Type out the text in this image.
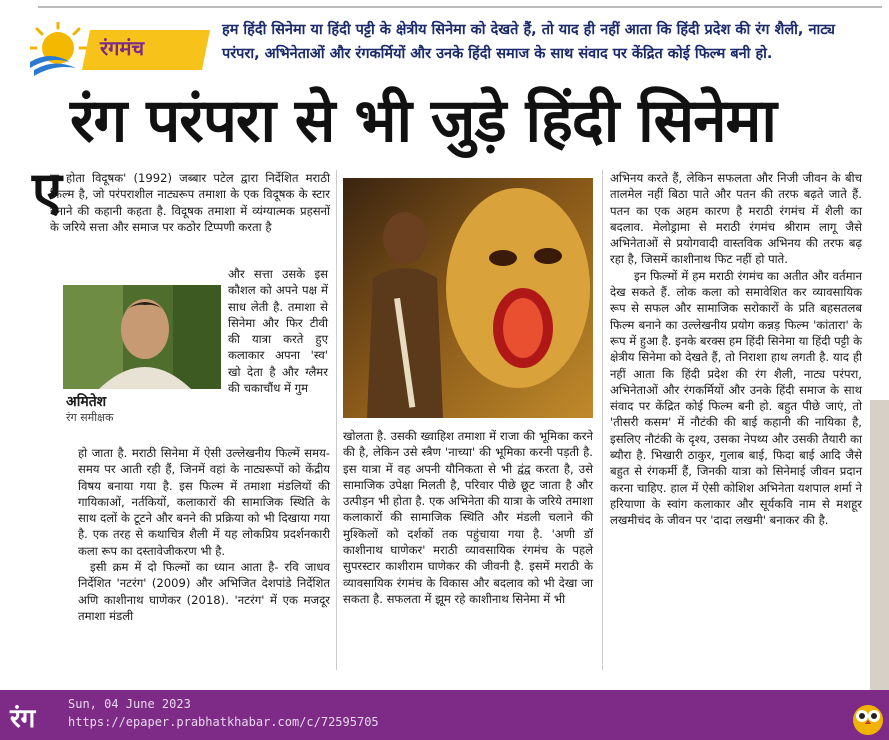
रंगमंच
हम हिंदी सिनेमा या हिंदी पट्टी के क्षेत्रीय सिनेमा को देखते हैं, तो याद ही नहीं आता कि हिंदी प्रदेश की रंग शैली, नाट्य परंपरा, अभिनेताओं और रंगकर्मियों और उनके हिंदी समाज के साथ संवाद पर केंद्रित कोई फिल्म बनी हो.
रंग परंपरा से भी जुड़े हिंदी सिनेमा
ए

क होता विदूषक' (1992) जब्बार पटेल द्वारा निर्देशित मराठी फिल्म है, जो परंपराशील नाट्यरूप तमाशा के एक विदूषक के स्टार बनाने की कहानी कहता है. विदूषक तमाशा में व्यंग्यात्मक प्रहसनों के जरिये सत्ता और समाज पर कठोर टिप्पणी करता है

और सत्ता उसके इस कौशल को अपने पक्ष में साध लेती है. तमाशा से सिनेमा और फिर टीवी की यात्रा करते हुए कलाकार अपना 'स्व' खो देता है और ग्लैमर की चकाचौंध में गुम

अमितेश
रंग समीक्षक

हो जाता है. मराठी सिनेमा में ऐसी उल्लेखनीय फिल्में समय-समय पर आती रही हैं, जिनमें वहां के नाट्यरूपों को केंद्रीय विषय बनाया गया है. इस फिल्म में तमाशा मंडलियों की गायिकाओं, नर्तकियों, कलाकारों की सामाजिक स्थिति के साथ दलों के टूटने और बनने की प्रक्रिया को भी दिखाया गया है. एक तरह से कथाचित्र शैली में यह लोकप्रिय प्रदर्शनकारी कला रूप का दस्तावेजीकरण भी है.

इसी क्रम में दो फिल्मों का ध्यान आता है- रवि जाधव निर्देशित 'नटरंग' (2009) और अभिजित देशपांडे निर्देशित अणि काशीनाथ घाणेकर (2018). 'नटरंग' में एक मजदूर तमाशा मंडली

खोलता है. उसकी ख्वाहिश तमाशा में राजा की भूमिका करने की है, लेकिन उसे स्त्रैण 'नाच्या' की भूमिका करनी पड़ती है. इस यात्रा में वह अपनी यौनिकता से भी द्वंद्व करता है, उसे सामाजिक उपेक्षा मिलती है, परिवार पीछे छूट जाता है और उत्पीड़न भी होता है. एक अभिनेता की यात्रा के जरिये तमाशा कलाकारों की सामाजिक स्थिति और मंडली चलाने की मुश्किलों को दर्शकों तक पहुंचाया गया है. 'अणी डॉ काशीनाथ घाणेकर' मराठी व्यावसायिक रंगमंच के पहले सुपरस्टार काशीराम घाणेकर की जीवनी है. इसमें मराठी के व्यावसायिक रंगमंच के विकास और बदलाव को भी देखा जा सकता है. सफलता में झूम रहे काशीनाथ सिनेमा में भी

अभिनय करते हैं, लेकिन सफलता और निजी जीवन के बीच तालमेल नहीं बिठा पाते और पतन की तरफ बढ़ते जाते हैं. पतन का एक अहम कारण है मराठी रंगमंच में शैली का बदलाव. मेलोड्रामा से मराठी रंगमंच श्रीराम लागू जैसे अभिनेताओं से प्रयोगवादी वास्तविक अभिनय की तरफ बढ़ रहा है, जिसमें काशीनाथ फिट नहीं हो पाते.

इन फिल्मों में हम मराठी रंगमंच का अतीत और वर्तमान देख सकते हैं. लोक कला को समावेशित कर व्यावसायिक रूप से सफल और सामाजिक सरोकारों के प्रति बहसतलब फिल्म बनाने का उल्लेखनीय प्रयोग कन्नड़ फिल्म 'कांतारा' के रूप में हुआ है. इनके बरक्स हम हिंदी सिनेमा या हिंदी पट्टी के क्षेत्रीय सिनेमा को देखते हैं, तो निराशा हाथ लगती है. याद ही नहीं आता कि हिंदी प्रदेश की रंग शैली, नाट्य परंपरा, अभिनेताओं और रंगकर्मियों और उनके हिंदी समाज के साथ संवाद पर केंद्रित कोई फिल्म बनी हो. बहुत पीछे जाएं, तो 'तीसरी कसम' में नौटंकी की बाई कहानी की नायिका है, इसलिए नौटंकी के दृश्य, उसका नेपथ्य और उसकी तैयारी का ब्यौरा है. भिखारी ठाकुर, गुलाब बाई, फिदा बाई आदि जैसे बहुत से रंगकर्मी हैं, जिनकी यात्रा को सिनेमाई जीवन प्रदान करना चाहिए. हाल में ऐसी कोशिश अभिनेता यशपाल शर्मा ने हरियाणा के स्वांग कलाकार और सूर्यकवि नाम से मशहूर लखमीचंद के जीवन पर 'दादा लखमी' बनाकर की है.

रंग	Sun, 04 June 2023
https://epaper.prabhatkhabar.com/c/72595705
